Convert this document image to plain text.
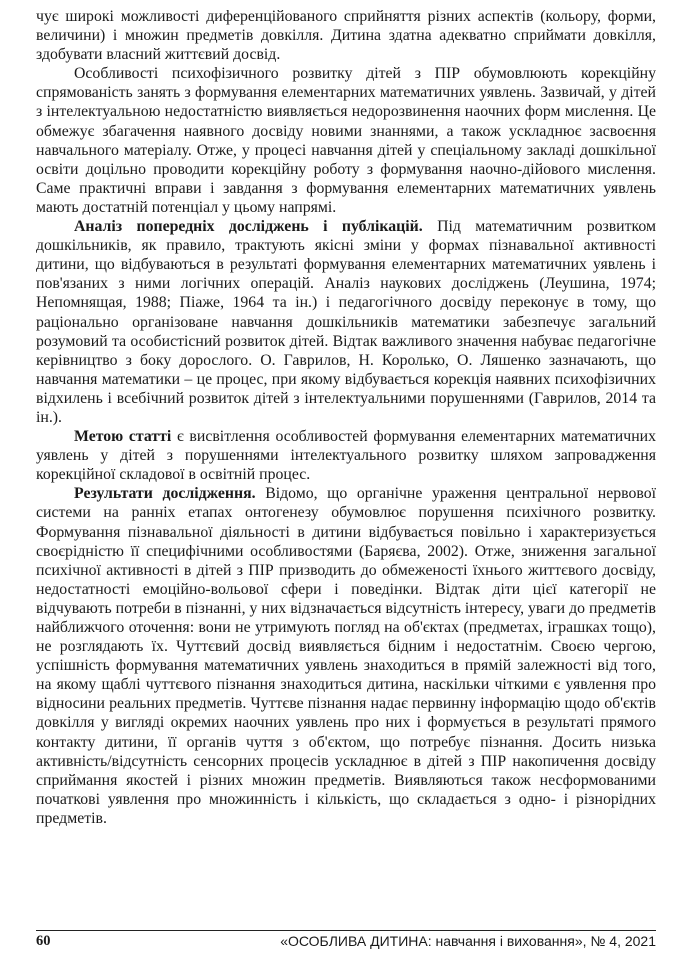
чує широкі можливості диференційованого сприйняття різних аспектів (кольору, форми, величини) і множин предметів довкілля. Дитина здатна адекватно сприймати довкілля, здобувати власний життєвий досвід.

Особливості психофізичного розвитку дітей з ПІР обумовлюють корекційну спрямованість занять з формування елементарних математичних уявлень. Зазвичай, у дітей з інтелектуальною недостатністю виявляється недорозвинення наочних форм мислення. Це обмежує збагачення наявного досвіду новими знаннями, а також ускладнює засвоєння навчального матеріалу. Отже, у процесі навчання дітей у спеціальному закладі дошкільної освіти доцільно проводити корекційну роботу з формування наочно-дійового мислення. Саме практичні вправи і завдання з формування елементарних математичних уявлень мають достатній потенціал у цьому напрямі.

Аналіз попередніх досліджень і публікацій. Під математичним розвитком дошкільників, як правило, трактують якісні зміни у формах пізнавальної активності дитини, що відбуваються в результаті формування елементарних математичних уявлень і пов'язаних з ними логічних операцій. Аналіз наукових досліджень (Леушина, 1974; Непомнящая, 1988; Піаже, 1964 та ін.) і педагогічного досвіду переконує в тому, що раціонально організоване навчання дошкільників математики забезпечує загальний розумовий та особистісний розвиток дітей. Відтак важливого значення набуває педагогічне керівництво з боку дорослого. О. Гаврилов, Н. Королько, О. Ляшенко зазначають, що навчання математики – це процес, при якому відбувається корекція наявних психофізичних відхилень і всебічний розвиток дітей з інтелектуальними порушеннями (Гаврилов, 2014 та ін.).

Метою статті є висвітлення особливостей формування елементарних математичних уявлень у дітей з порушеннями інтелектуального розвитку шляхом запровадження корекційної складової в освітній процес.

Результати дослідження. Відомо, що органічне ураження центральної нервової системи на ранніх етапах онтогенезу обумовлює порушення психічного розвитку. Формування пізнавальної діяльності в дитини відбувається повільно і характеризується своєрідністю її специфічними особливостями (Баряєва, 2002). Отже, зниження загальної психічної активності в дітей з ПІР призводить до обмеженості їхнього життєвого досвіду, недостатності емоційно-вольової сфери і поведінки. Відтак діти цієї категорії не відчувають потреби в пізнанні, у них відзначається відсутність інтересу, уваги до предметів найближчого оточення: вони не утримують погляд на об'єктах (предметах, іграшках тощо), не розглядають їх. Чуттєвий досвід виявляється бідним і недостатнім. Своєю чергою, успішність формування математичних уявлень знаходиться в прямій залежності від того, на якому щаблі чуттєвого пізнання знаходиться дитина, наскільки чіткими є уявлення про відносини реальних предметів. Чуттєве пізнання надає первинну інформацію щодо об'єктів довкілля у вигляді окремих наочних уявлень про них і формується в результаті прямого контакту дитини, її органів чуття з об'єктом, що потребує пізнання. Досить низька активність/відсутність сенсорних процесів ускладнює в дітей з ПІР накопичення досвіду сприймання якостей і різних множин предметів. Виявляються також несформованими початкові уявлення про множинність і кількість, що складається з одно- і різнорідних предметів.

60	«ОСОБЛИВА ДИТИНА: навчання і виховання», № 4, 2021
